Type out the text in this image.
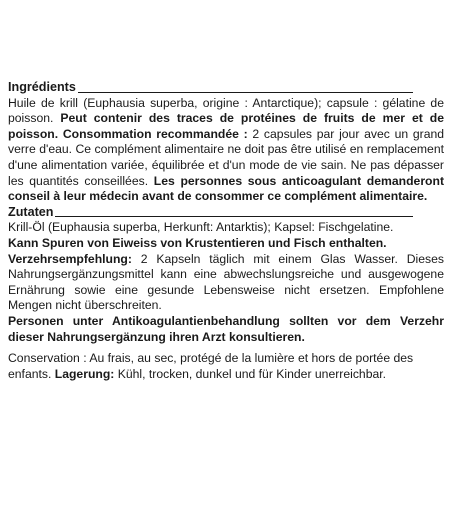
Ingrédients

Huile de krill (Euphausia superba, origine : Antarctique); capsule : gélatine de poisson. Peut contenir des traces de protéines de fruits de mer et de poisson. Consommation recommandée : 2 capsules par jour avec un grand verre d'eau. Ce complément alimentaire ne doit pas être utilisé en remplacement d'une alimentation variée, équilibrée et d'un mode de vie sain. Ne pas dépasser les quantités conseillées. Les personnes sous anticoagulant demanderont conseil à leur médecin avant de consommer ce complément alimentaire.

Zutaten

Krill-Öl (Euphausia superba, Herkunft: Antarktis); Kapsel: Fischgelatine.
Kann Spuren von Eiweiss von Krustentieren und Fisch enthalten.
Verzehrsempfehlung: 2 Kapseln täglich mit einem Glas Wasser. Dieses Nahrungsergänzungsmittel kann eine abwechslungsreiche und ausgewogene Ernährung sowie eine gesunde Lebensweise nicht ersetzen. Empfohlene Mengen nicht überschreiten.
Personen unter Antikoagulantienbehandlung sollten vor dem Verzehr dieser Nahrungsergänzung ihren Arzt konsultieren.

Conservation : Au frais, au sec, protégé de la lumière et hors de portée des enfants. Lagerung: Kühl, trocken, dunkel und für Kinder unerreichbar.
